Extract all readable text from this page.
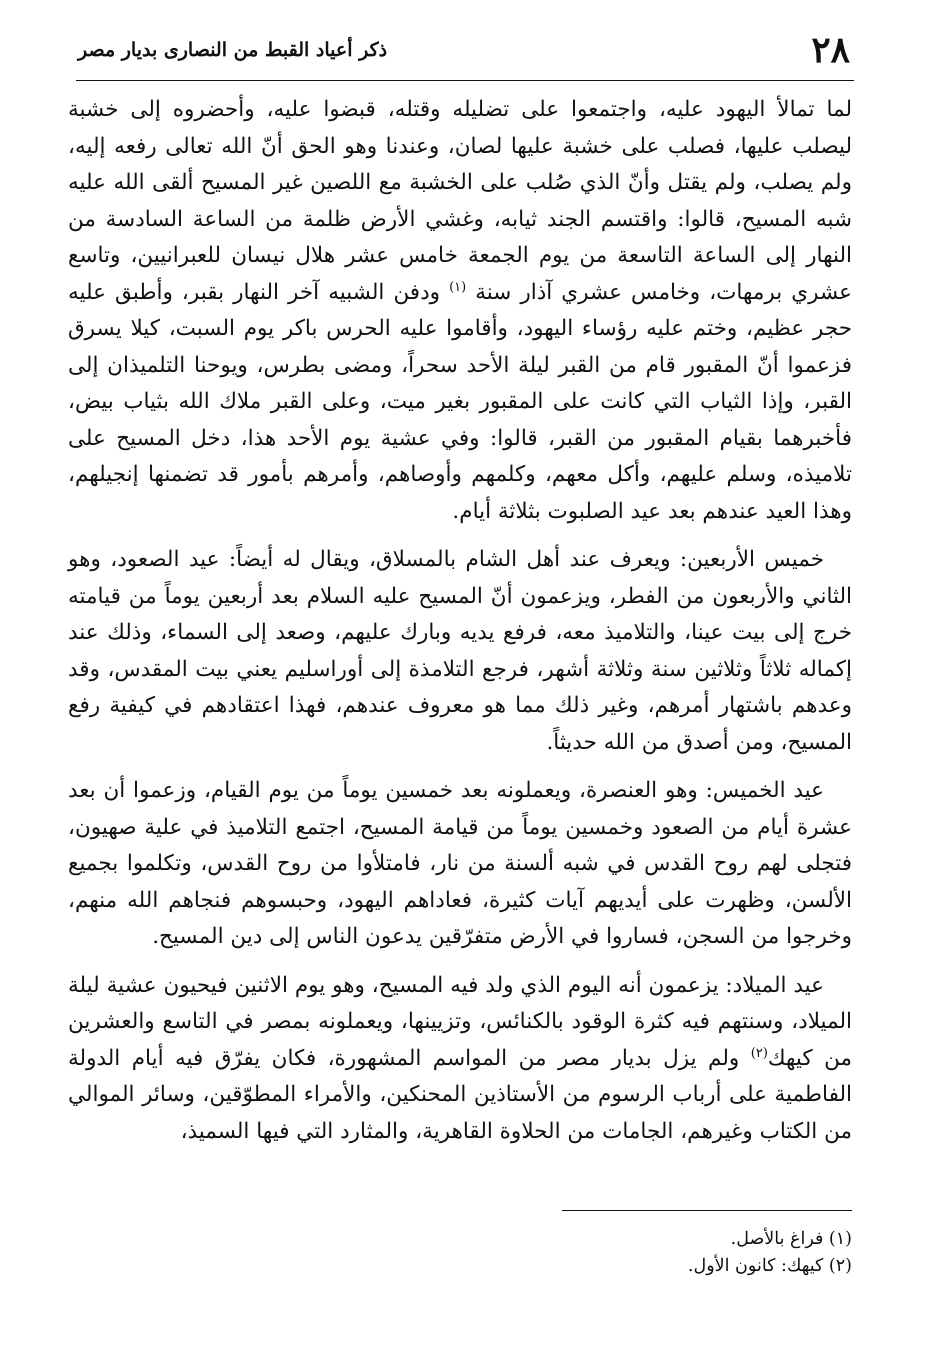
٢٨
ذكر أعياد القبط من النصارى بديار مصر

لما تمالأ اليهود عليه، واجتمعوا على تضليله وقتله، قبضوا عليه، وأحضروه إلى خشبة ليصلب عليها، فصلب على خشبة عليها لصان، وعندنا وهو الحق أنّ الله تعالى رفعه إليه، ولم يصلب، ولم يقتل وأنّ الذي صُلب على الخشبة مع اللصين غير المسيح ألقى الله عليه شبه المسيح، قالوا: واقتسم الجند ثيابه، وغشي الأرض ظلمة من الساعة السادسة من النهار إلى الساعة التاسعة من يوم الجمعة خامس عشر هلال نيسان للعبرانيين، وتاسع عشري برمهات، وخامس عشري آذار سنة $^{(١)}$ ودفن الشبيه آخر النهار بقبر، وأطبق عليه حجر عظيم، وختم عليه رؤساء اليهود، وأقاموا عليه الحرس باكر يوم السبت، كيلا يسرق فزعموا أنّ المقبور قام من القبر ليلة الأحد سحراً، ومضى بطرس، ويوحنا التلميذان إلى القبر، وإذا الثياب التي كانت على المقبور بغير ميت، وعلى القبر ملاك الله بثياب بيض، فأخبرهما بقيام المقبور من القبر، قالوا: وفي عشية يوم الأحد هذا، دخل المسيح على تلاميذه، وسلم عليهم، وأكل معهم، وكلمهم وأوصاهم، وأمرهم بأمور قد تضمنها إنجيلهم، وهذا العيد عندهم بعد عيد الصلبوت بثلاثة أيام.

خميس الأربعين: ويعرف عند أهل الشام بالمسلاق، ويقال له أيضاً: عيد الصعود، وهو الثاني والأربعون من الفطر، ويزعمون أنّ المسيح عليه السلام بعد أربعين يوماً من قيامته خرج إلى بيت عينا، والتلاميذ معه، فرفع يديه وبارك عليهم، وصعد إلى السماء، وذلك عند إكماله ثلاثاً وثلاثين سنة وثلاثة أشهر، فرجع التلامذة إلى أوراسليم يعني بيت المقدس، وقد وعدهم باشتهار أمرهم، وغير ذلك مما هو معروف عندهم، فهذا اعتقادهم في كيفية رفع المسيح، ومن أصدق من الله حديثاً.

عيد الخميس: وهو العنصرة، ويعملونه بعد خمسين يوماً من يوم القيام، وزعموا أن بعد عشرة أيام من الصعود وخمسين يوماً من قيامة المسيح، اجتمع التلاميذ في علية صهيون، فتجلى لهم روح القدس في شبه ألسنة من نار، فامتلأوا من روح القدس، وتكلموا بجميع الألسن، وظهرت على أيديهم آيات كثيرة، فعاداهم اليهود، وحبسوهم فنجاهم الله منهم، وخرجوا من السجن، فساروا في الأرض متفرّقين يدعون الناس إلى دين المسيح.

عيد الميلاد: يزعمون أنه اليوم الذي ولد فيه المسيح، وهو يوم الاثنين فيحيون عشية ليلة الميلاد، وسنتهم فيه كثرة الوقود بالكنائس، وتزيينها، ويعملونه بمصر في التاسع والعشرين من كيهك$^{(٢)}$ ولم يزل بديار مصر من المواسم المشهورة، فكان يفرّق فيه أيام الدولة الفاطمية على أرباب الرسوم من الأستاذين المحنكين، والأمراء المطوّقين، وسائر الموالي من الكتاب وغيرهم، الجامات من الحلاوة القاهرية، والمثارد التي فيها السميذ،

(١) فراغ بالأصل.

(٢) كيهك: كانون الأول.
